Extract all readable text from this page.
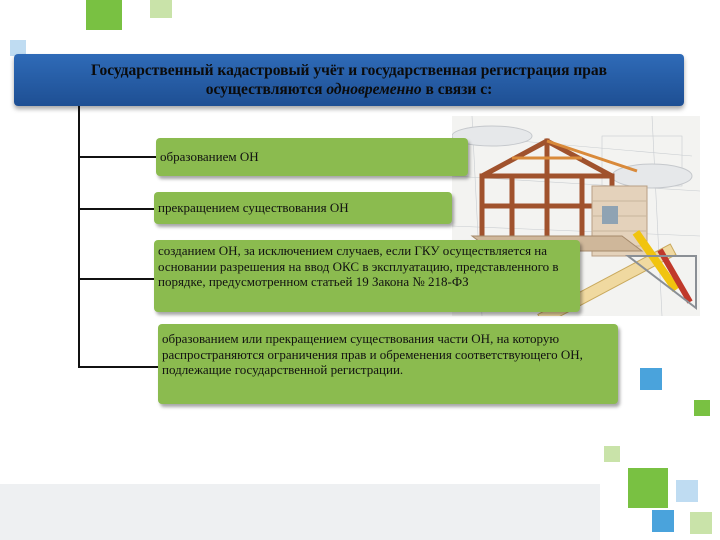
Государственный кадастровый учёт и государственная регистрация прав
осуществляются одновременно в связи с:
образованием ОН
прекращением существования ОН
созданием ОН, за исключением случаев, если ГКУ осуществляется на основании разрешения на ввод ОКС в эксплуатацию, представленного в порядке, предусмотренном статьей 19 Закона № 218-ФЗ
образованием или прекращением существования части ОН, на которую распространяются ограничения прав и обременения соответствующего ОН, подлежащие государственной регистрации.
